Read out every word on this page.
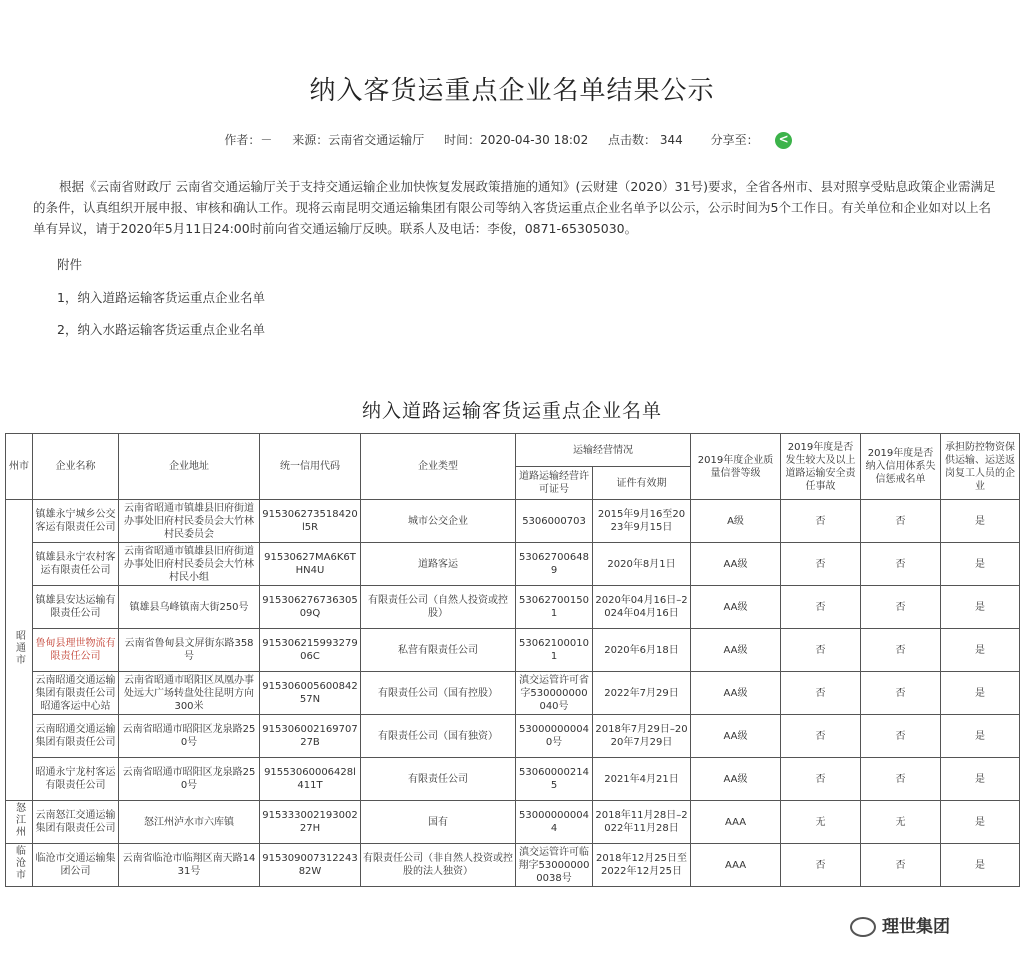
纳入客货运重点企业名单结果公示
作者：－ 来源：云南省交通运输厅 时间：2020-04-30 18:02 点击数： 344 分享至：<
根据《云南省财政厅 云南省交通运输厅关于支持交通运输企业加快恢复发展政策措施的通知》(云财建（2020）31号)要求，全省各州市、县对照享受贴息政策企业需满足的条件，认真组织开展申报、审核和确认工作。现将云南昆明交通运输集团有限公司等纳入客货运重点企业名单予以公示，公示时间为5个工作日。有关单位和企业如对以上名单有异议，请于2020年5月11日24:00时前向省交通运输厅反映。联系人及电话：李俊，0871-65305030。
附件
1，纳入道路运输客货运重点企业名单
2，纳入水路运输客货运重点企业名单
纳入道路运输客货运重点企业名单
州市	企业名称	企业地址	统一信用代码	企业类型	运输经营情况		2019年度企业质量信誉等级	2019年度是否发生较大及以上道路运输安全责任事故	2019年度是否纳入信用体系失信惩戒名单	承担防控物资保供运输、运送返岗复工人员的企业
					道路运输经营许可证号	证件有效期				
昭通市	镇雄永宁城乡公交客运有限责任公司	云南省昭通市镇雄县旧府街道办事处旧府村民委员会大竹林村民委员会	915306273518420l5R	城市公交企业	5306000703	2015年9月16至2023年9月15日	A级	否	否	是
	镇雄县永宁农村客运有限责任公司	云南省昭通市镇雄县旧府街道办事处旧府村民委员会大竹林村民小组	91530627MA6K6THN4U	道路客运	530627006489	2020年8月1日	AA级	否	否	是
	镇雄县安达运输有限责任公司	镇雄县乌峰镇南大街250号	91530627673630509Q	有限责任公司（自然人投资或控股）	530627001501	2020年04月16日–2024年04月16日	AA级	否	否	是
	鲁甸县理世物流有限责任公司	云南省鲁甸县文屏街东路358号	91530621599327906C	私营有限责任公司	530621000101	2020年6月18日	AA级	否	否	是
	云南昭通交通运输集团有限责任公司昭通客运中心站	云南省昭通市昭阳区凤凰办事处远大广场转盘处往昆明方向300米	91530600560084257N	有限责任公司（国有控股）	滇交运管许可省字530000000040号	2022年7月29日	AA级	否	否	是
	云南昭通交通运输集团有限责任公司	云南省昭通市昭阳区龙泉路250号	91530600216970727B	有限责任公司（国有独资）	530000000040号	2018年7月29日–2020年7月29日	AA级	否	否	是
	昭通永宁龙村客运有限责任公司	云南省昭通市昭阳区龙泉路250号	91553060006428l411T	有限责任公司	530600002145	2021年4月21日	AA级	否	否	是
怒江州	云南怒江交通运输集团有限责任公司	怒江州泸水市六库镇	91533300219300227H	国有	530000000044	2018年11月28日–2022年11月28日	AAA	无	无	是
临沧市	临沧市交通运输集团公司	云南省临沧市临翔区南天路1431号	91530900731224382W	有限责任公司（非自然人投资或控股的法人独资）	滇交运管许可临翔字530000000038号	2018年12月25日至2022年12月25日	AAA	否	否	是
理世集团
